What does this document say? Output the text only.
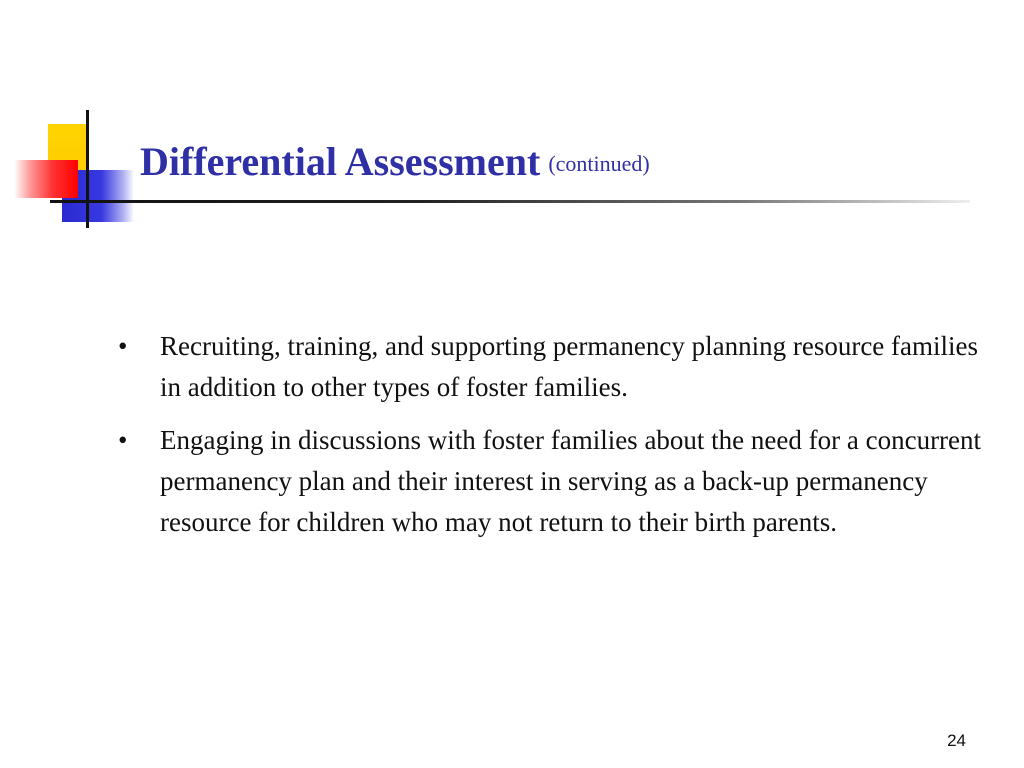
Differential Assessment (continued)
•	Recruiting, training, and supporting permanency planning resource families in addition to other types of foster families.
•	Engaging in discussions with foster families about the need for a concurrent permanency plan and their interest in serving as a back-up permanency resource for children who may not return to their birth parents.
24
